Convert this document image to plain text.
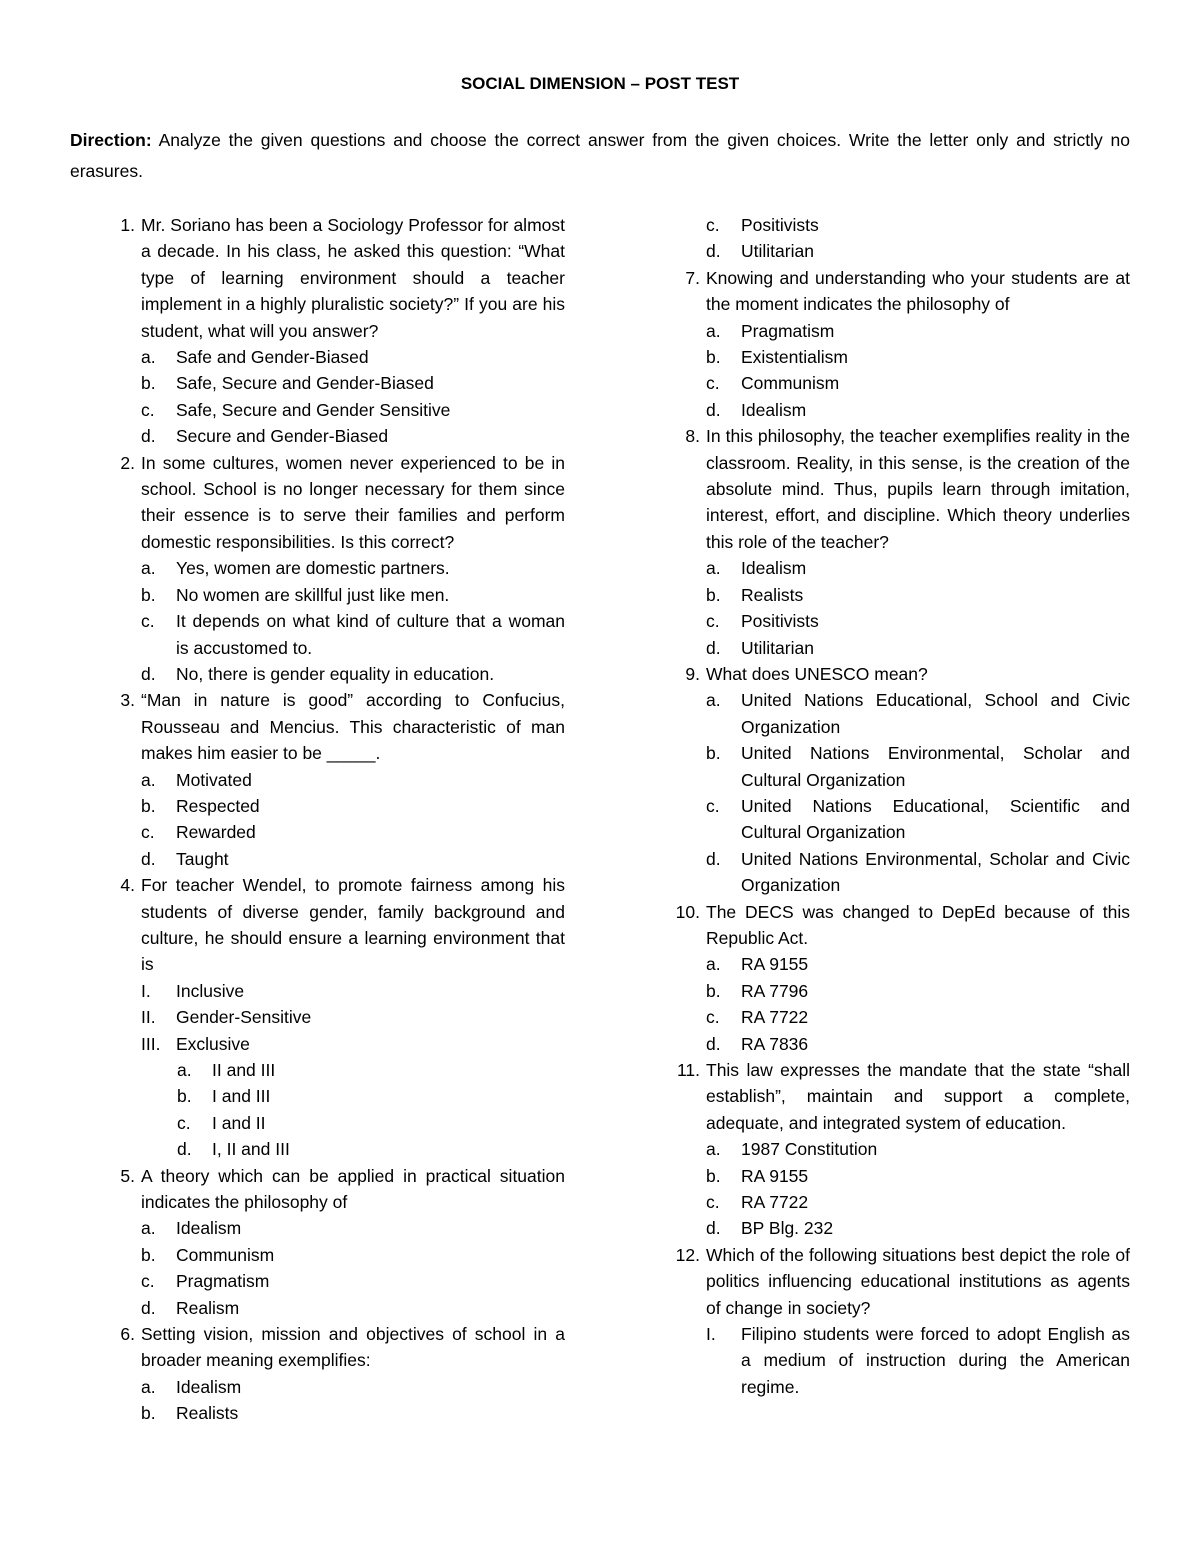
SOCIAL DIMENSION – POST TEST
Direction: Analyze the given questions and choose the correct answer from the given choices. Write the letter only and strictly no erasures.
1. Mr. Soriano has been a Sociology Professor for almost a decade. In his class, he asked this question: “What type of learning environment should a teacher implement in a highly pluralistic society?” If you are his student, what will you answer?
a. Safe and Gender-Biased
b. Safe, Secure and Gender-Biased
c. Safe, Secure and Gender Sensitive
d. Secure and Gender-Biased
2. In some cultures, women never experienced to be in school. School is no longer necessary for them since their essence is to serve their families and perform domestic responsibilities. Is this correct?
a. Yes, women are domestic partners.
b. No women are skillful just like men.
c. It depends on what kind of culture that a woman is accustomed to.
d. No, there is gender equality in education.
3. “Man in nature is good” according to Confucius, Rousseau and Mencius. This characteristic of man makes him easier to be _____.
a. Motivated
b. Respected
c. Rewarded
d. Taught
4. For teacher Wendel, to promote fairness among his students of diverse gender, family background and culture, he should ensure a learning environment that is
I. Inclusive
II. Gender-Sensitive
III. Exclusive
a. II and III
b. I and III
c. I and II
d. I, II and III
5. A theory which can be applied in practical situation indicates the philosophy of
a. Idealism
b. Communism
c. Pragmatism
d. Realism
6. Setting vision, mission and objectives of school in a broader meaning exemplifies:
a. Idealism
b. Realists
c. Positivists
d. Utilitarian
7. Knowing and understanding who your students are at the moment indicates the philosophy of
a. Pragmatism
b. Existentialism
c. Communism
d. Idealism
8. In this philosophy, the teacher exemplifies reality in the classroom. Reality, in this sense, is the creation of the absolute mind. Thus, pupils learn through imitation, interest, effort, and discipline. Which theory underlies this role of the teacher?
a. Idealism
b. Realists
c. Positivists
d. Utilitarian
9. What does UNESCO mean?
a. United Nations Educational, School and Civic Organization
b. United Nations Environmental, Scholar and Cultural Organization
c. United Nations Educational, Scientific and Cultural Organization
d. United Nations Environmental, Scholar and Civic Organization
10. The DECS was changed to DepEd because of this Republic Act.
a. RA 9155
b. RA 7796
c. RA 7722
d. RA 7836
11. This law expresses the mandate that the state “shall establish”, maintain and support a complete, adequate, and integrated system of education.
a. 1987 Constitution
b. RA 9155
c. RA 7722
d. BP Blg. 232
12. Which of the following situations best depict the role of politics influencing educational institutions as agents of change in society?
I. Filipino students were forced to adopt English as a medium of instruction during the American regime.
